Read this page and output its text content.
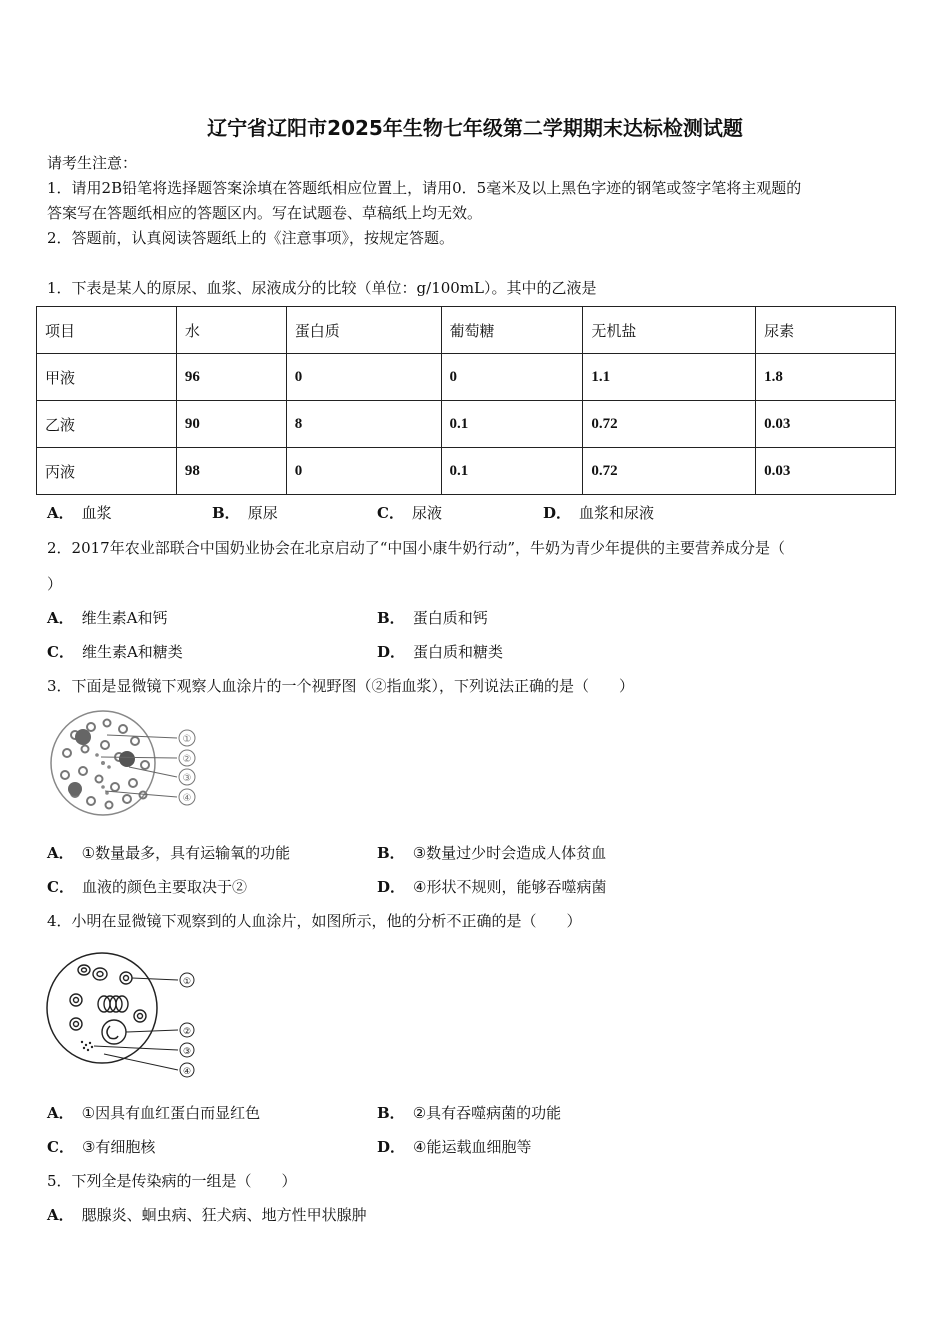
辽宁省辽阳市2025年生物七年级第二学期期末达标检测试题
请考生注意：
1．请用2B铅笔将选择题答案涂填在答题纸相应位置上，请用0．5毫米及以上黑色字迹的钢笔或签字笔将主观题的
答案写在答题纸相应的答题区内。写在试题卷、草稿纸上均无效。
2．答题前，认真阅读答题纸上的《注意事项》，按规定答题。
1．下表是某人的原尿、血浆、尿液成分的比较（单位：g/100mL）。其中的乙液是
项目	水	蛋白质	葡萄糖	无机盐	尿素
甲液	96	0	0	1.1	1.8
乙液	90	8	0.1	0.72	0.03
丙液	98	0	0.1	0.72	0.03
A． 血浆	B． 原尿	C． 尿液	D． 血浆和尿液
2．2017年农业部联合中国奶业协会在北京启动了“中国小康牛奶行动”，牛奶为青少年提供的主要营养成分是（
）
A． 维生素A和钙	B． 蛋白质和钙
C． 维生素A和糖类	D． 蛋白质和糖类
3．下面是显微镜下观察人血涂片的一个视野图（②指血浆），下列说法正确的是（　　）
①
②
③
④
A． ①数量最多，具有运输氧的功能	B． ③数量过少时会造成人体贫血
C． 血液的颜色主要取决于②	D． ④形状不规则，能够吞噬病菌
4．小明在显微镜下观察到的人血涂片，如图所示，他的分析不正确的是（　　）
①
②
③
④
A． ①因具有血红蛋白而显红色	B． ②具有吞噬病菌的功能
C． ③有细胞核	D． ④能运载血细胞等
5．下列全是传染病的一组是（　　）
A． 腮腺炎、蛔虫病、狂犬病、地方性甲状腺肿
